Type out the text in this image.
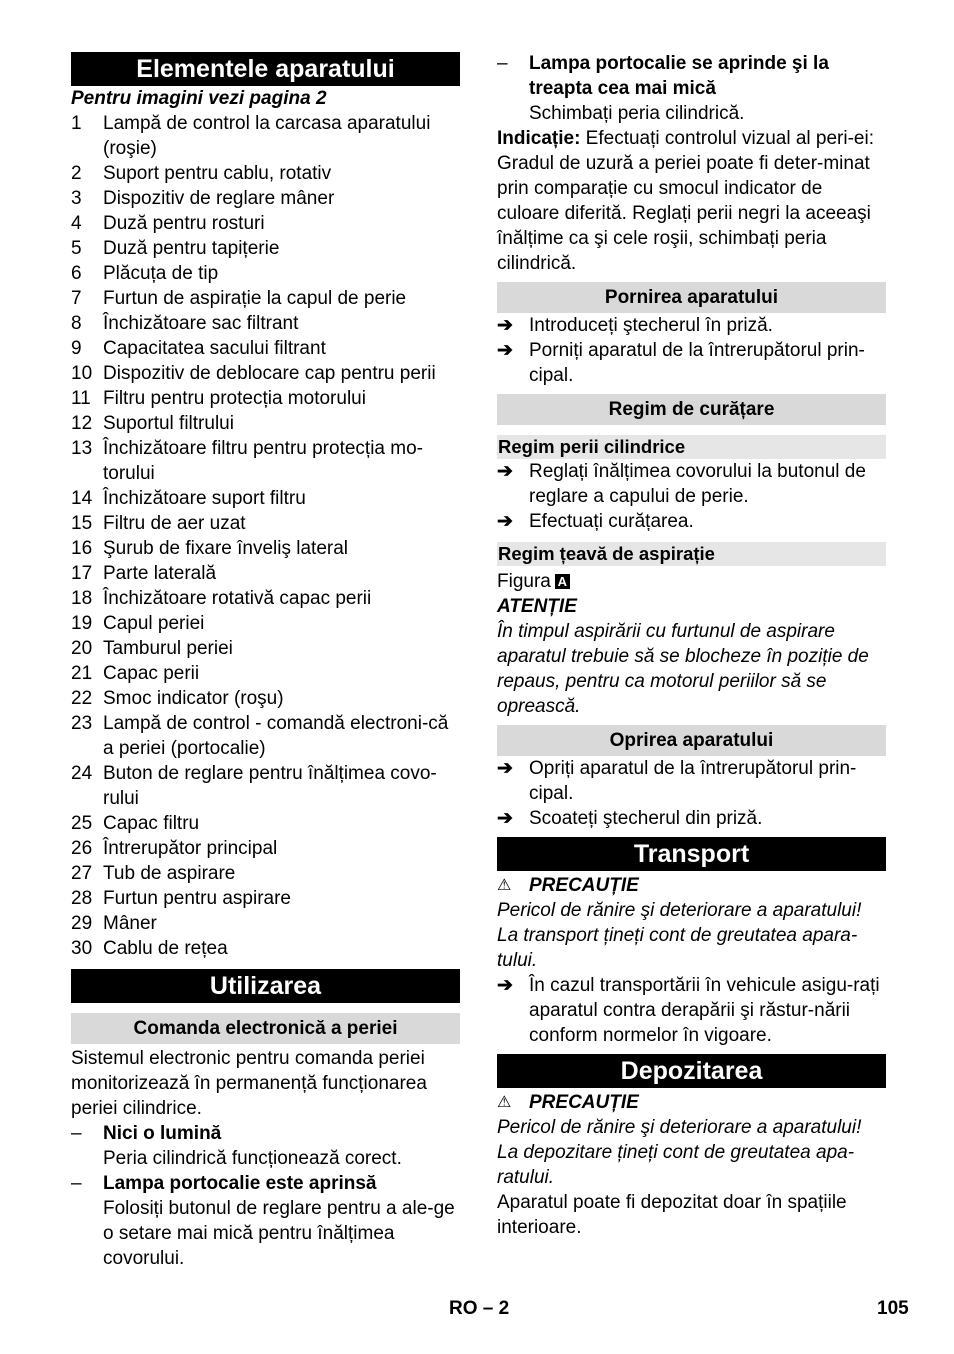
Elementele aparatului

Pentru imagini vezi pagina 2

1	Lampă de control la carcasa aparatului (roşie)
2	Suport pentru cablu, rotativ
3	Dispozitiv de reglare mâner
4	Duză pentru rosturi
5	Duză pentru tapițerie
6	Plăcuța de tip
7	Furtun de aspirație la capul de perie
8	Închizătoare sac filtrant
9	Capacitatea sacului filtrant
10 Dispozitiv de deblocare cap pentru perii
11 Filtru pentru protecția motorului
12 Suportul filtrului
13 Închizătoare filtru pentru protecția mo-torului
14 Închizătoare suport filtru
15 Filtru de aer uzat
16 Şurub de fixare înveliş lateral
17 Parte laterală
18 Închizătoare rotativă capac perii
19 Capul periei
20 Tamburul periei
21 Capac perii
22 Smoc indicator (roşu)
23 Lampă de control - comandă electroni-că a periei (portocalie)
24 Buton de reglare pentru înălțimea covo-rului
25 Capac filtru
26 Întrerupător principal
27 Tub de aspirare
28 Furtun pentru aspirare
29 Mâner
30 Cablu de rețea
Utilizarea
Comanda electronică a periei

Sistemul electronic pentru comanda periei monitorizează în permanență funcționarea periei cilindrice.

–	Nici o lumină
Peria cilindrică funcționează corect.
–	Lampa portocalie este aprinsă
Folosiți butonul de reglare pentru a ale-ge o setare mai mică pentru înălțimea covorului.
–	Lampa portocalie se aprinde şi la treapta cea mai mică
Schimbați peria cilindrică.

Indicație: Efectuați controlul vizual al peri-ei: Gradul de uzură a periei poate fi deter-minat prin comparație cu smocul indicator de culoare diferită. Reglați perii negri la aceeaşi înălțime ca şi cele roşii, schimbați peria cilindrică.

Pornirea aparatului
➔ Introduceți ştecherul în priză.
➔ Porniți aparatul de la întrerupătorul prin-cipal.
Regim de curățare
Regim perii cilindrice
➔ Reglați înălțimea covorului la butonul de reglare a capului de perie.
➔ Efectuați curățarea.
Regim țeavă de aspirație

Figura A

ATENȚIE

În timpul aspirării cu furtunul de aspirare aparatul trebuie să se blocheze în poziție de repaus, pentru ca motorul periilor să se oprească.

Oprirea aparatului
➔ Opriți aparatul de la întrerupătorul prin-cipal.
➔ Scoateți ştecherul din priză.
Transport
⚠ PRECAUȚIE

Pericol de rănire şi deteriorare a aparatului! La transport țineți cont de greutatea apara-tului.

➔ În cazul transportării în vehicule asigu-rați aparatul contra derapării şi răstur-nării conform normelor în vigoare.
Depozitarea
⚠ PRECAUȚIE

Pericol de rănire şi deteriorare a aparatului! La depozitare țineți cont de greutatea apa-ratului.

Aparatul poate fi depozitat doar în spațiile interioare.

RO – 2	105
